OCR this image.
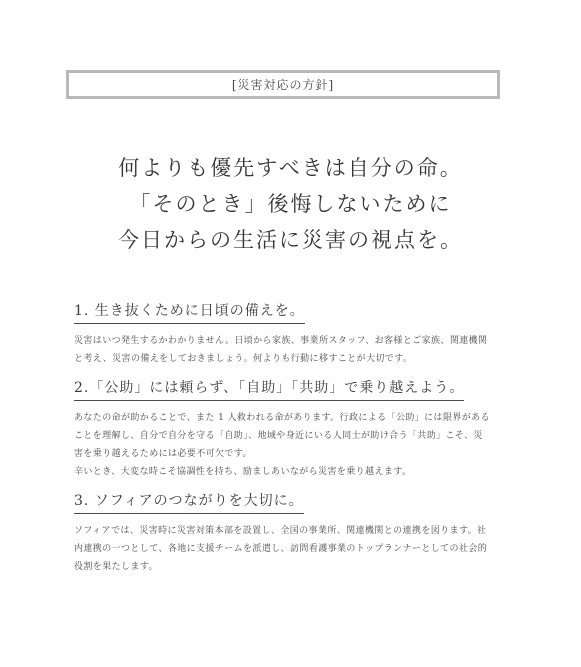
[災害対応の方針]
何よりも優先すべきは自分の命。
「そのとき」後悔しないために
今日からの生活に災害の視点を。
1. 生き抜くために日頃の備えを。

災害はいつ発生するかわかりません。日頃から家族、事業所スタッフ、お客様とご家族、関連機関と考え、災害の備えをしておきましょう。何よりも行動に移すことが大切です。

2.「公助」には頼らず、「自助」「共助」で乗り越えよう。

あなたの命が助かることで、また 1 人救われる命があります。行政による「公助」には限界があることを理解し、自分で自分を守る「自助」、地域や身近にいる人同士が助け合う「共助」こそ、災害を乗り越えるためには必要不可欠です。

辛いとき、大変な時こそ協調性を持ち、励ましあいながら災害を乗り越えます。

3. ソフィアのつながりを大切に。

ソフィアでは、災害時に災害対策本部を設置し、全国の事業所、関連機関との連携を図ります。社内連携の一つとして、各地に支援チームを派遣し、訪問看護事業のトップランナーとしての社会的役割を果たします。
